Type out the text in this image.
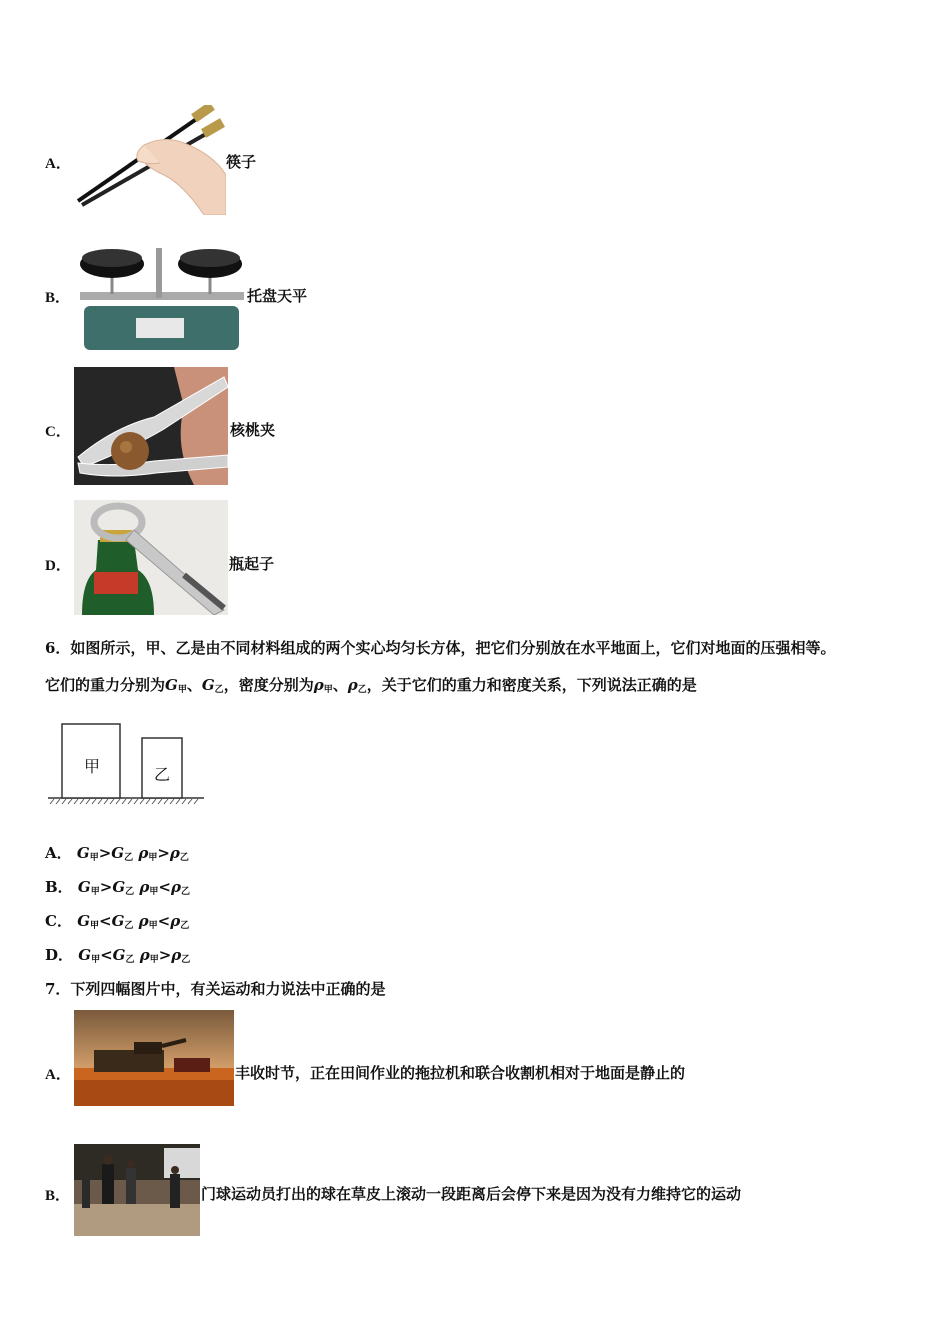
A．	筷子
B．	托盘天平
C．	核桃夹
D．	瓶起子
6．如图所示，甲、乙是由不同材料组成的两个实心均匀长方体，把它们分别放在水平地面上，它们对地面的压强相等。
它们的重力分别为$G_甲$、$G_乙$，密度分别为$\rho_甲$、$\rho_乙$，关于它们的重力和密度关系，下列说法正确的是
甲	乙
A． $G_甲>G_乙$ $\rho_甲>\rho_乙$
B． $G_甲>G_乙$ $\rho_甲<\rho_乙$
C． $G_甲<G_乙$ $\rho_甲<\rho_乙$
D． $G_甲<G_乙$ $\rho_甲>\rho_乙$
7．下列四幅图片中，有关运动和力说法中正确的是
A．	丰收时节，正在田间作业的拖拉机和联合收割机相对于地面是静止的
B．	门球运动员打出的球在草皮上滚动一段距离后会停下来是因为没有力维持它的运动
